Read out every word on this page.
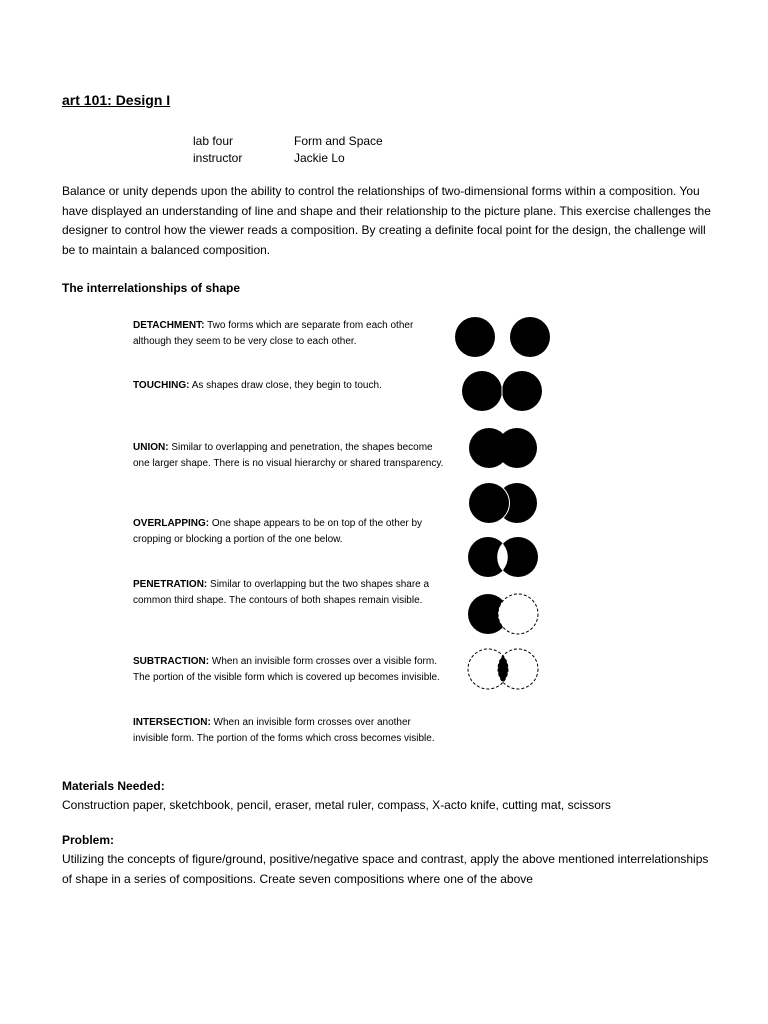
art 101: Design I
lab four	Form and Space
instructor	Jackie Lo
Balance or unity depends upon the ability to control the relationships of two-dimensional forms within a composition. You have displayed an understanding of line and shape and their relationship to the picture plane. This exercise challenges the designer to control how the viewer reads a composition. By creating a definite focal point for the design, the challenge will be to maintain a balanced composition.
The interrelationships of shape
DETACHMENT: Two forms which are separate from each other although they seem to be very close to each other.
TOUCHING: As shapes draw close, they begin to touch.
UNION: Similar to overlapping and penetration, the shapes become one larger shape. There is no visual hierarchy or shared transparency.
OVERLAPPING: One shape appears to be on top of the other by cropping or blocking a portion of the one below.
PENETRATION: Similar to overlapping but the two shapes share a common third shape. The contours of both shapes remain visible.
SUBTRACTION: When an invisible form crosses over a visible form. The portion of the visible form which is covered up becomes invisible.
INTERSECTION: When an invisible form crosses over another invisible form. The portion of the forms which cross becomes visible.
Materials Needed:
Construction paper, sketchbook, pencil, eraser, metal ruler, compass, X-acto knife, cutting mat, scissors
Problem:
Utilizing the concepts of figure/ground, positive/negative space and contrast, apply the above mentioned interrelationships of shape in a series of compositions. Create seven compositions where one of the above
